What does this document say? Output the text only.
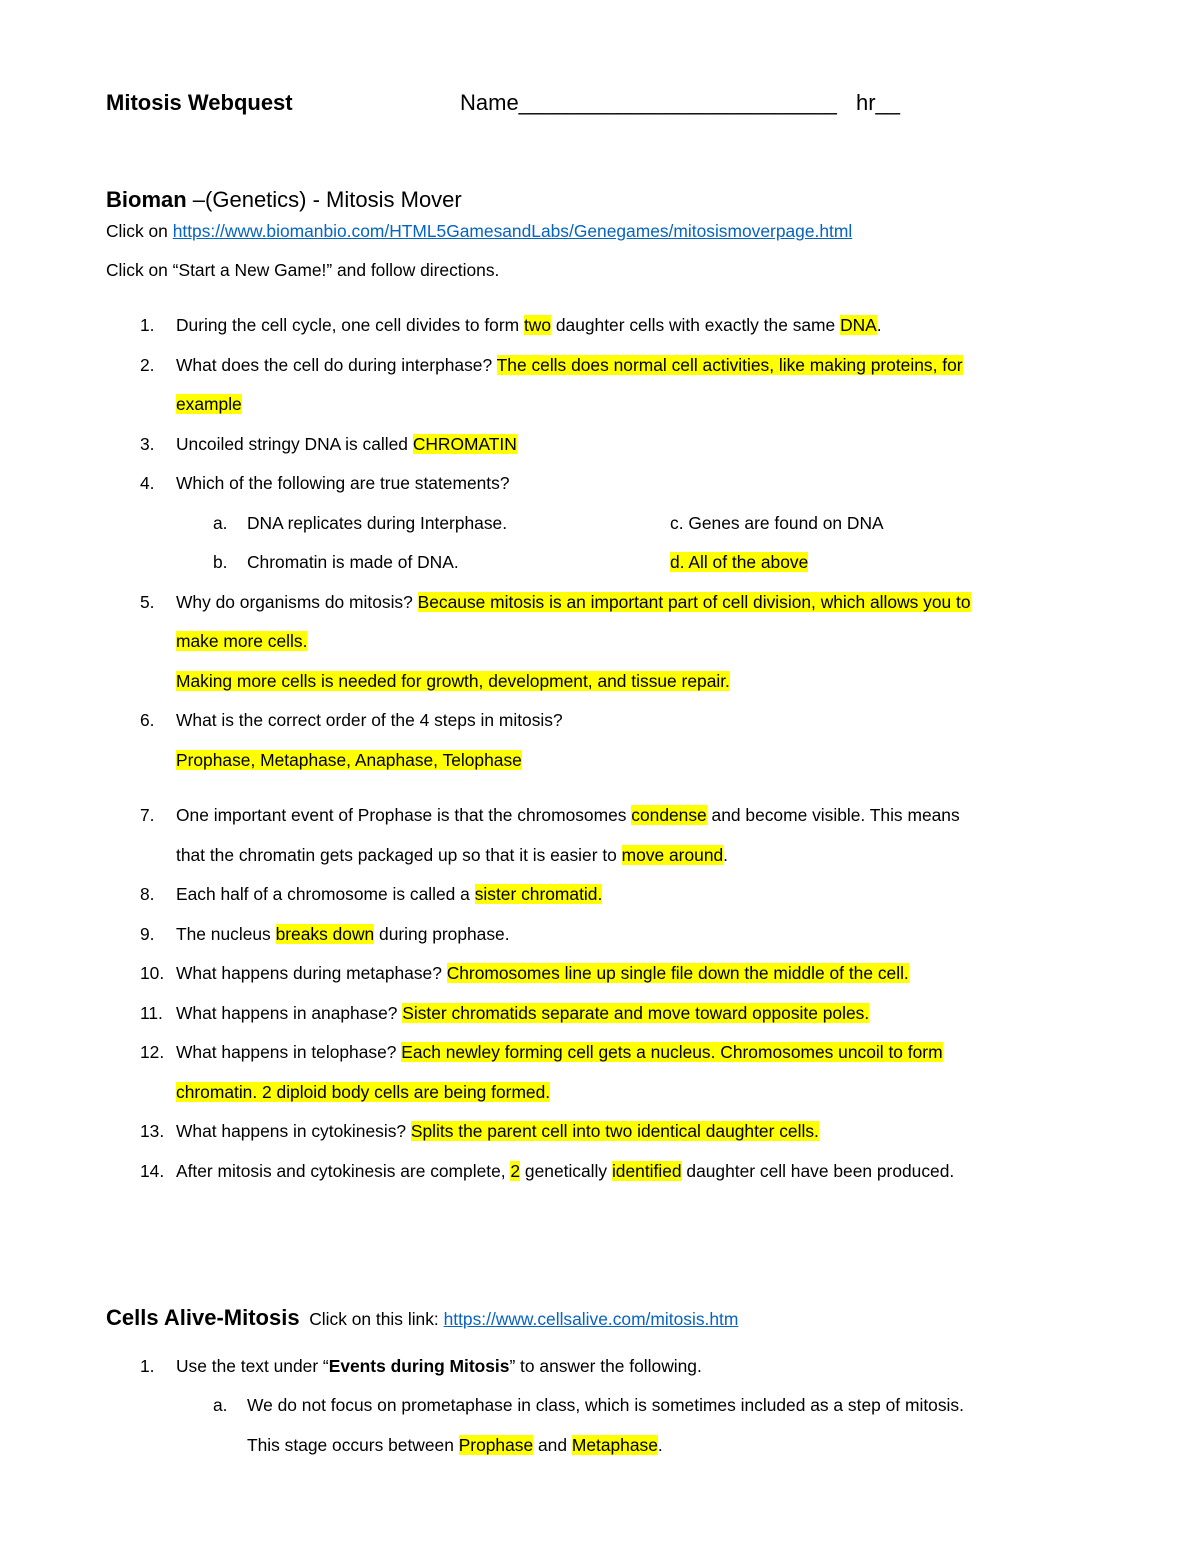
Mitosis Webquest	Name__________________________ hr__
Bioman –(Genetics) - Mitosis Mover
Click on https://www.biomanbio.com/HTML5GamesandLabs/Genegames/mitosismoverpage.html
Click on “Start a New Game!” and follow directions.
1. During the cell cycle, one cell divides to form two daughter cells with exactly the same DNA.
2. What does the cell do during interphase? The cells does normal cell activities, like making proteins, for
example
3. Uncoiled stringy DNA is called CHROMATIN
4. Which of the following are true statements?
a. DNA replicates during Interphase.	c. Genes are found on DNA
b. Chromatin is made of DNA.	d. All of the above
5. Why do organisms do mitosis? Because mitosis is an important part of cell division, which allows you to
make more cells.
Making more cells is needed for growth, development, and tissue repair.
6. What is the correct order of the 4 steps in mitosis?
Prophase, Metaphase, Anaphase, Telophase
7. One important event of Prophase is that the chromosomes condense and become visible. This means
that the chromatin gets packaged up so that it is easier to move around.
8. Each half of a chromosome is called a sister chromatid.
9. The nucleus breaks down during prophase.
10. What happens during metaphase? Chromosomes line up single file down the middle of the cell.
11. What happens in anaphase? Sister chromatids separate and move toward opposite poles.
12. What happens in telophase? Each newley forming cell gets a nucleus. Chromosomes uncoil to form
chromatin. 2 diploid body cells are being formed.
13. What happens in cytokinesis? Splits the parent cell into two identical daughter cells.
14. After mitosis and cytokinesis are complete, 2 genetically identified daughter cell have been produced.
Cells Alive-Mitosis Click on this link: https://www.cellsalive.com/mitosis.htm
1. Use the text under “Events during Mitosis” to answer the following.
a. We do not focus on prometaphase in class, which is sometimes included as a step of mitosis.
This stage occurs between Prophase and Metaphase.
